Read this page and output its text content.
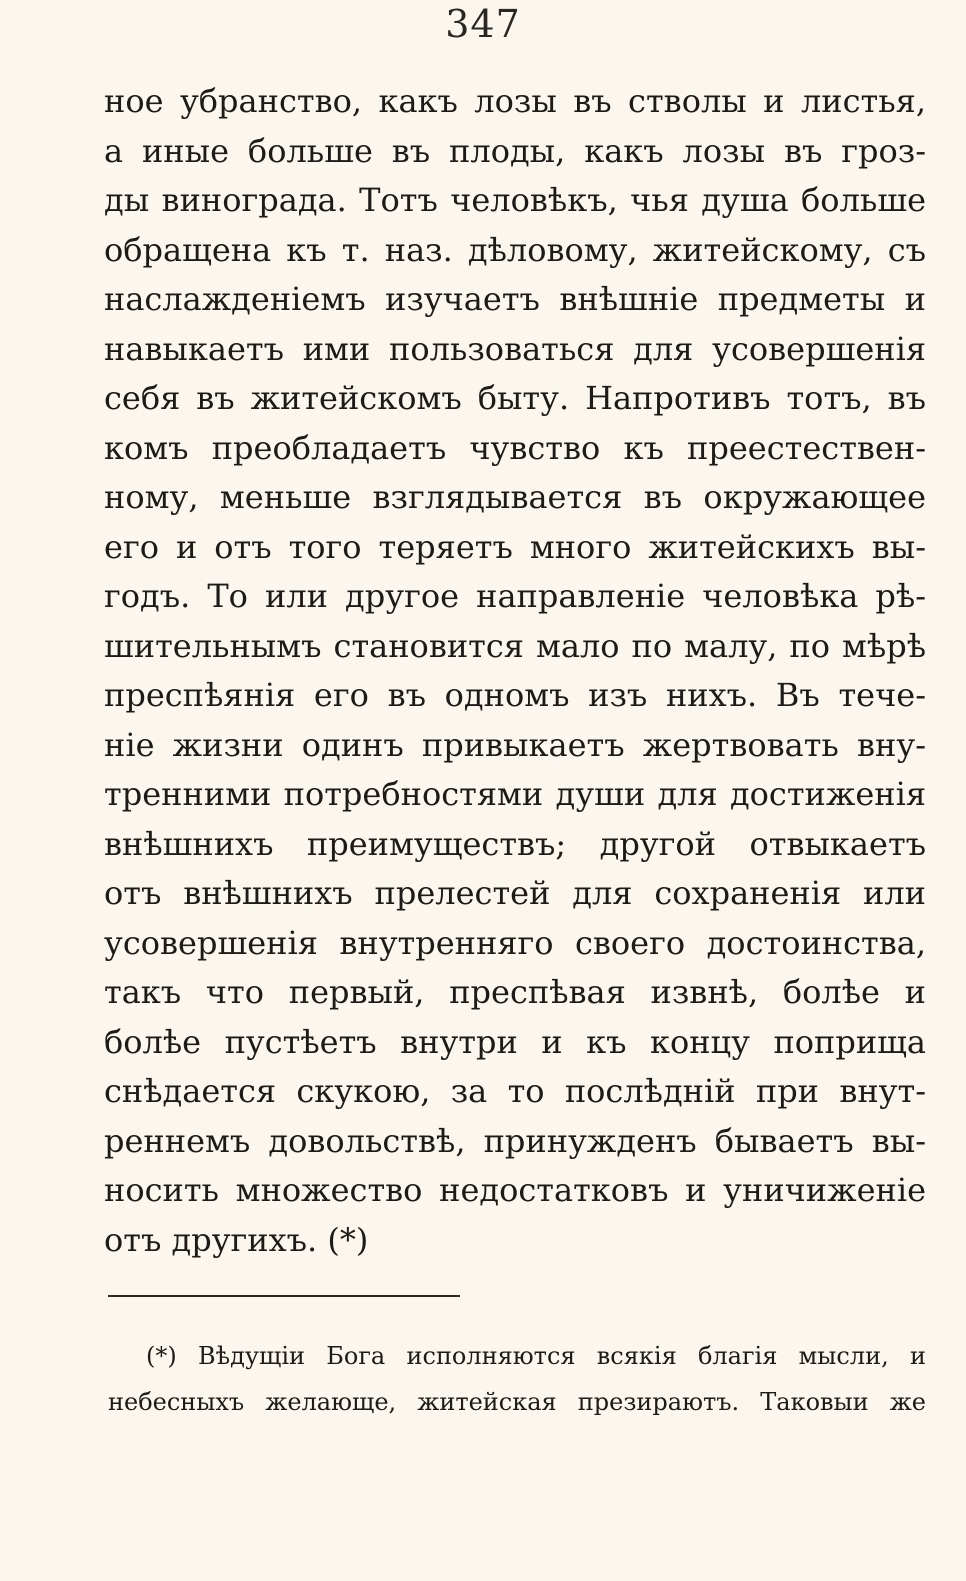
347
ное убранство, какъ лозы въ стволы и листья,
а иные больше въ плоды, какъ лозы въ грoз-
ды винограда. Тотъ человѣкъ, чья душа больше
обращена къ т. наз. дѣловому, житейскому, съ
наслажденіемъ изучаетъ внѣшніе предметы и
навыкаетъ ими пользоваться для усовершенія
себя въ житейскомъ быту. Напротивъ тотъ, въ
комъ преобладаетъ чувство къ преестествен-
ному, меньше взглядывается въ окружающее
его и отъ того теряетъ много житейскихъ вы-
годъ. То или другое направленіе человѣка рѣ-
шительнымъ становится мало по малу, по мѣрѣ
преспѣянія его въ одномъ изъ нихъ. Въ тече-
ніе жизни одинъ привыкаетъ жертвовать вну-
тренними потребностями души для достиженія
внѣшнихъ преимуществъ; другой отвыкаетъ
отъ внѣшнихъ прелестей для сохраненія или
усовершенія внутренняго своего достоинства,
такъ что первый, преспѣвая извнѣ, болѣе и
болѣе пустѣетъ внутри и къ концу поприща
снѣдается скукою, за то послѣдній при внут-
реннемъ довольствѣ, принужденъ бываетъ вы-
носить множество недостатковъ и уничиженіе
отъ другихъ. (*)
(*) Вѣдущіи Бога исполняются всякія благія мысли, и
небесныхъ желающе, житейская презираютъ. Таковыи же
